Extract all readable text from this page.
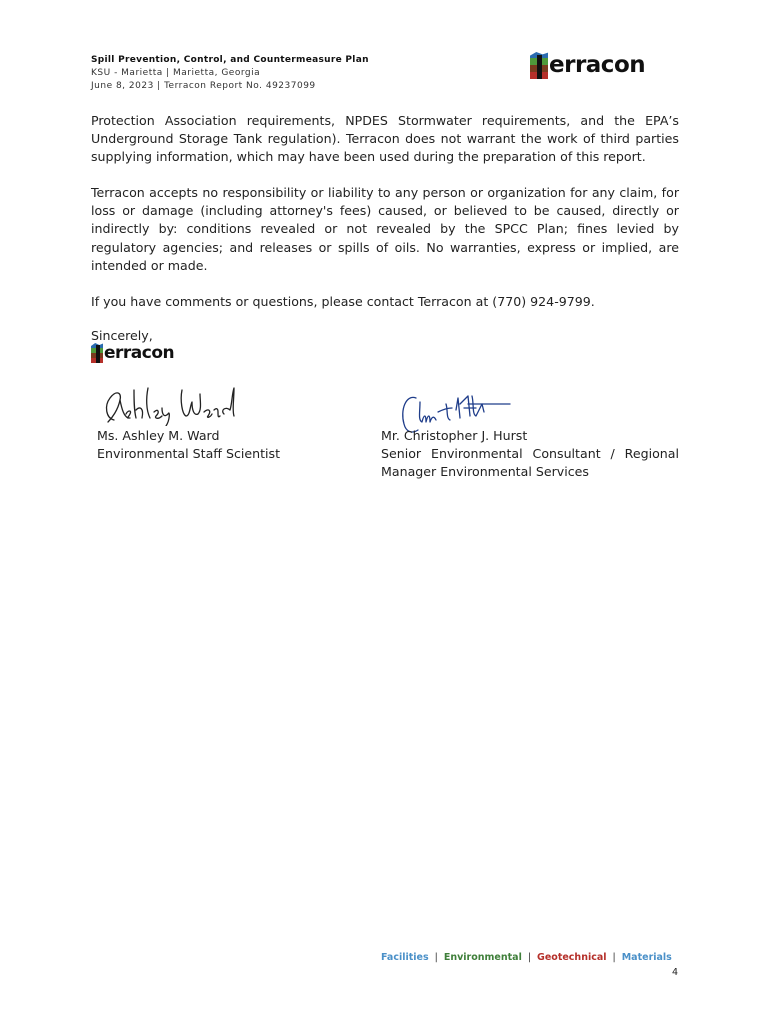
Spill Prevention, Control, and Countermeasure Plan
KSU - Marietta | Marietta, Georgia
June 8, 2023 | Terracon Report No. 49237099
erracon

Protection Association requirements, NPDES Stormwater requirements, and the EPA’s Underground Storage Tank regulation). Terracon does not warrant the work of third parties supplying information, which may have been used during the preparation of this report.

Terracon accepts no responsibility or liability to any person or organization for any claim, for loss or damage (including attorney's fees) caused, or believed to be caused, directly or indirectly by: conditions revealed or not revealed by the SPCC Plan; fines levied by regulatory agencies; and releases or spills of oils. No warranties, express or implied, are intended or made.

If you have comments or questions, please contact Terracon at (770) 924-9799.

Sincerely,
erracon
Ms. Ashley M. Ward
Environmental Staff Scientist
Mr. Christopher J. Hurst
Senior Environmental Consultant / Regional
Manager Environmental Services
Facilities | Environmental | Geotechnical | Materials
4
